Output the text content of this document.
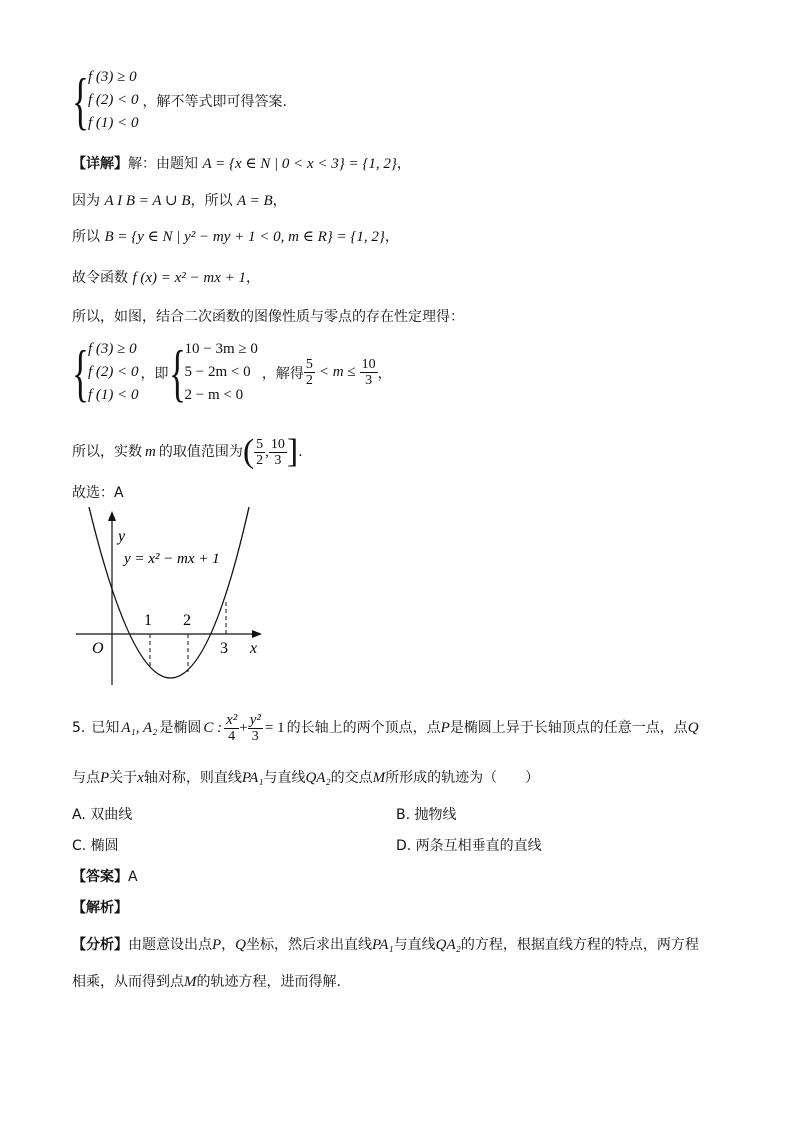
{ f (3) ≥ 0
f (2) < 0
f (1) < 0
，解不等式即可得答案.
【详解】解：由题知 A = {x ∈ N | 0 < x < 3} = {1, 2}，
因为 A I B = A ∪ B，所以 A = B，
所以 B = {y ∈ N | y² − my + 1 < 0, m ∈ R} = {1, 2}，
故令函数 f (x) = x² − mx + 1，
所以，如图，结合二次函数的图像性质与零点的存在性定理得：
{ f (3) ≥ 0
f (2) < 0
f (1) < 0
，即 { 10 − 3m ≥ 0
5 − 2m < 0
2 − m < 0
，解得 $\frac{5}{2} < m \le \frac{10}{3}$ ，
所以，实数 m 的取值范围为 ( $\frac{5}{2}$ , $\frac{10}{3}$ ] .
故选：A
y
y = x² − mx + 1
1 2
3
O	x
5. 已知 A₁, A₂ 是椭圆 C : $\frac{\text{x²}}{4} + \frac{\text{y²}}{3} = 1$ 的长轴上的两个顶点，点 P 是椭圆上异于长轴顶点的任意一点，点 Q
与点P关于x轴对称，则直线PA₁与直线QA₂的交点M所形成的轨迹为（　　）
A. 双曲线	B. 抛物线
C. 椭圆	D. 两条互相垂直的直线
【答案】A
【解析】
【分析】由题意设出点P，Q坐标，然后求出直线PA₁与直线QA₂的方程，根据直线方程的特点，两方程
相乘，从而得到点M的轨迹方程，进而得解.
